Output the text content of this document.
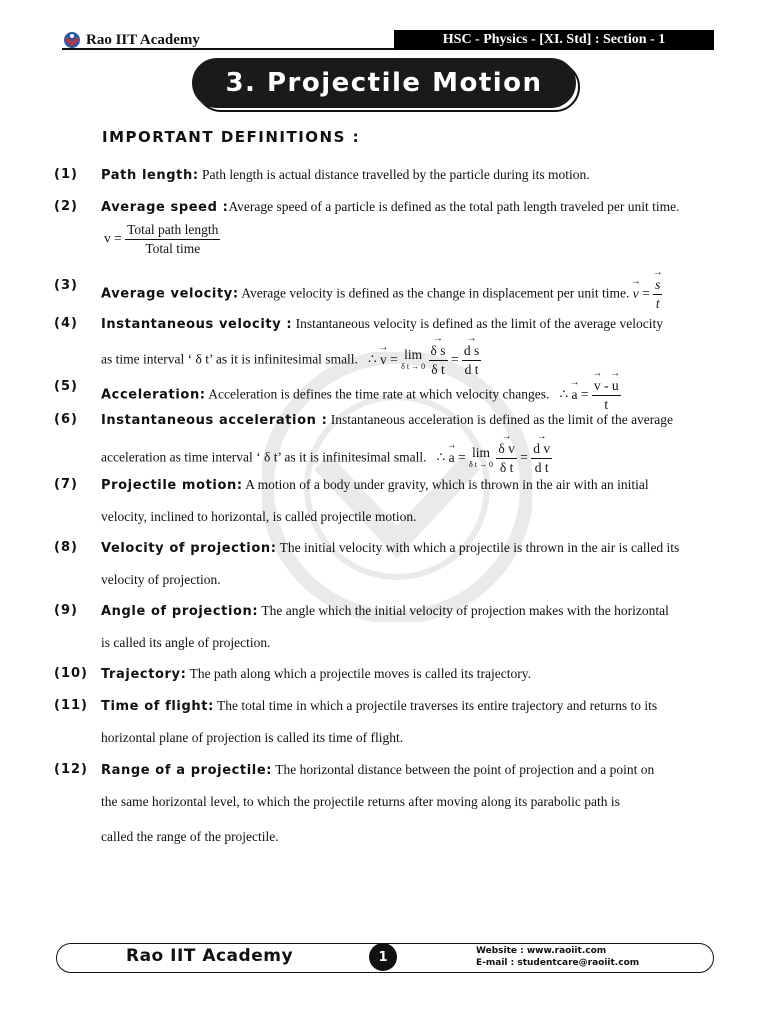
Rao IIT Academy	HSC - Physics - [XI. Std] : Section - 1
3. Projectile Motion
IMPORTANT DEFINITIONS :
(1) Path length: Path length is actual distance travelled by the particle during its motion.
(2) Average speed :Average speed of a particle is defined as the total path length traveled per unit time.
$v = \frac{\text{Total path length}}{\text{Total time}}$
(3)
Average velocity: Average velocity is defined as the change in displacement per unit time. → v = → $\frac{s}{t}$
(4) Instantaneous velocity : Instantaneous velocity is defined as the limit of the average velocity
as time interval ‘ δ t’ as it is infinitesimal small. ∴ → v = lim
δ t → 0
→ $\frac{\text{δ s}}{\text{δ t}}$ = → $\frac{\text{d s}}{\text{d t}}$
(5)
Acceleration: Acceleration is defines the time rate at which velocity changes. ∴ → a = → $\frac{v - \to u}{t}$
(6) Instantaneous acceleration : Instantaneous acceleration is defined as the limit of the average
acceleration as time interval ‘ δ t’ as it is infinitesimal small. ∴ → a = lim
δ t → 0
→ $\frac{\text{δ v}}{\text{δ t}}$ = → $\frac{\text{d v}}{\text{d t}}$
(7) Projectile motion: A motion of a body under gravity, which is thrown in the air with an initial
velocity, inclined to horizontal, is called projectile motion.
(8) Velocity of projection: The initial velocity with which a projectile is thrown in the air is called its
velocity of projection.
(9) Angle of projection: The angle which the initial velocity of projection makes with the horizontal
is called its angle of projection.
(10) Trajectory: The path along which a projectile moves is called its trajectory.
(11) Time of flight: The total time in which a projectile traverses its entire trajectory and returns to its
horizontal plane of projection is called its time of flight.
(12) Range of a projectile: The horizontal distance between the point of projection and a point on
the same horizontal level, to which the projectile returns after moving along its parabolic path is
called the range of the projectile.
Rao IIT Academy	1	Website : www.raoiit.com
E-mail : studentcare@raoiit.com
